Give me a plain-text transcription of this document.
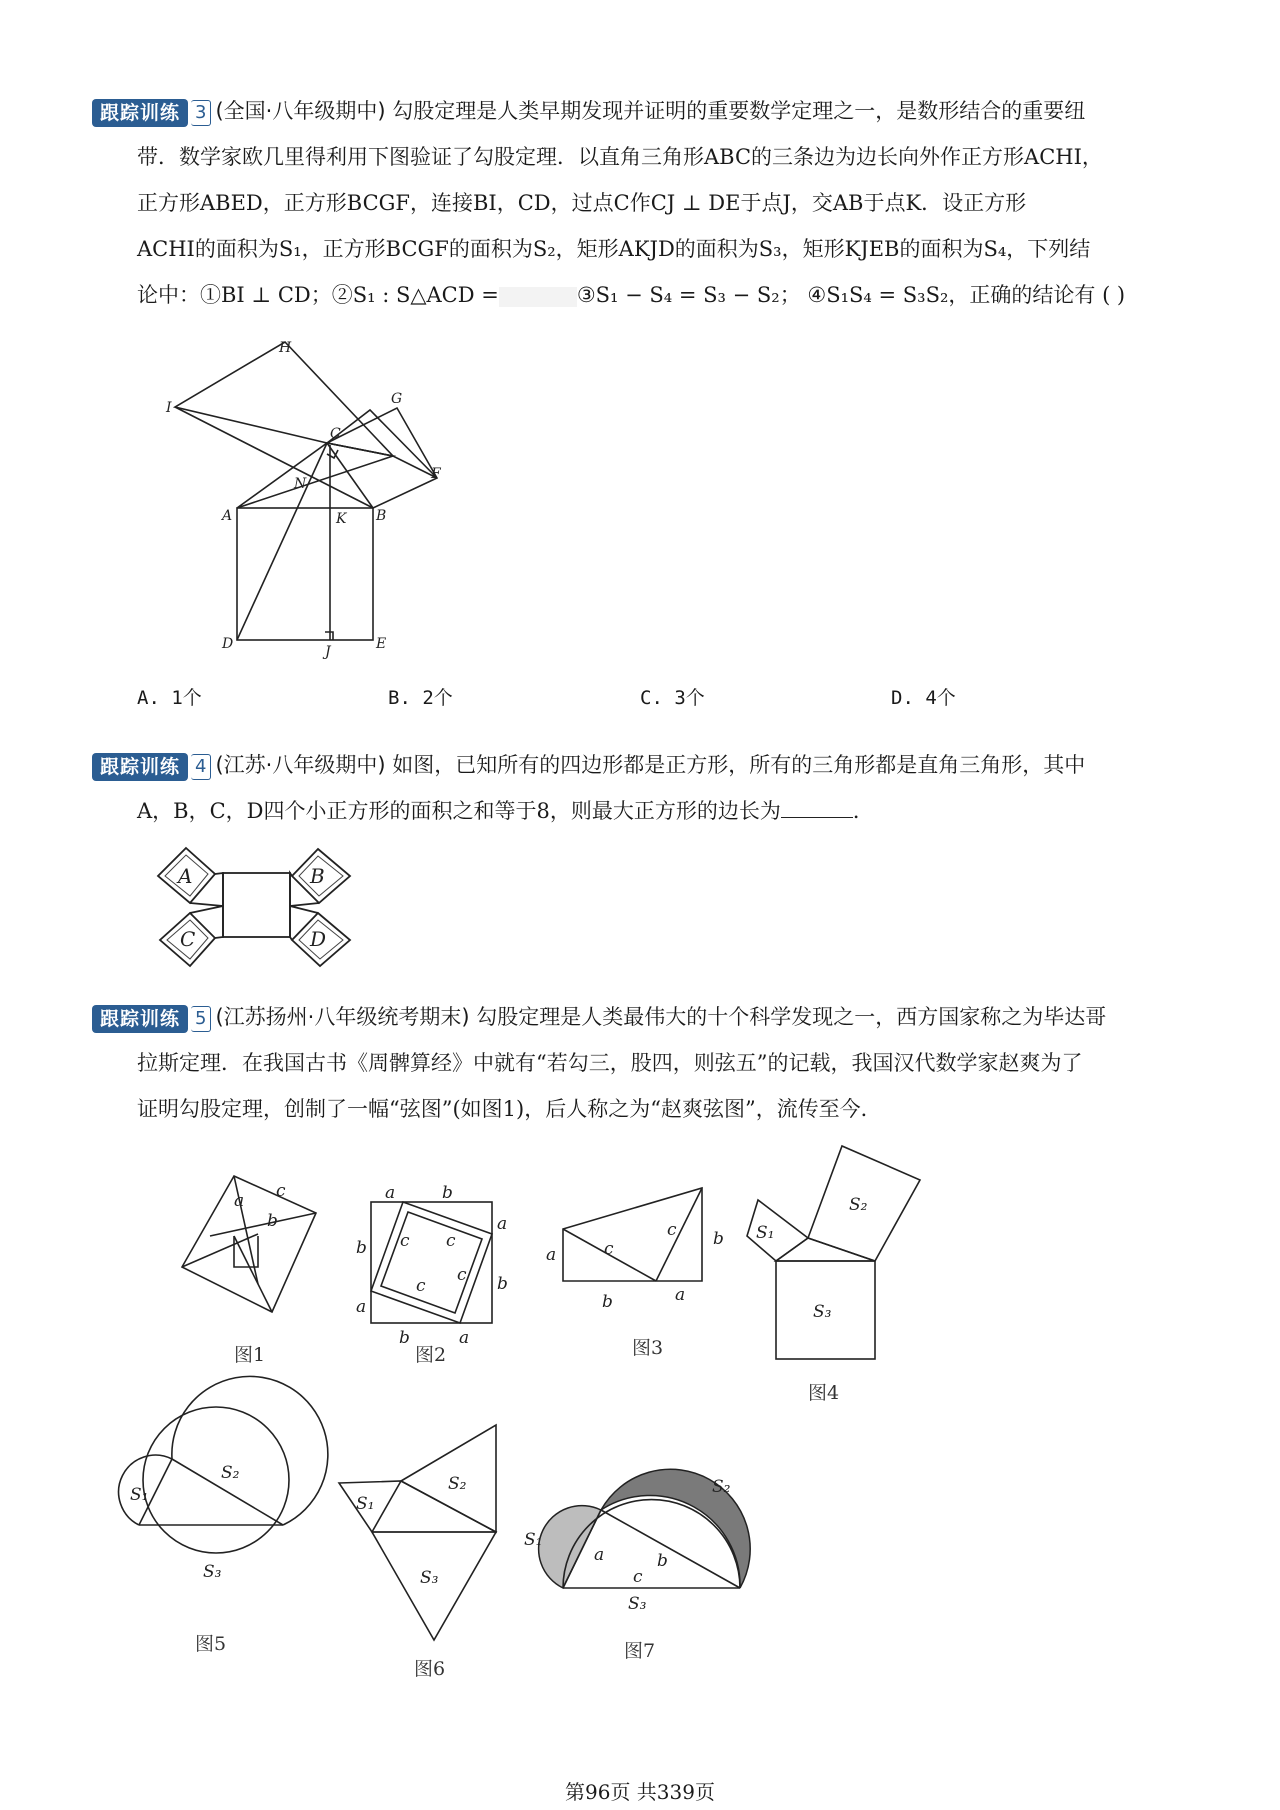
跟踪训练 3 (全国·八年级期中) 勾股定理是人类早期发现并证明的重要数学定理之一，是数形结合的重要纽
带．数学家欧几里得利用下图验证了勾股定理．以直角三角形ABC的三条边为边长向外作正方形ACHI，
正方形ABED，正方形BCGF，连接BI，CD，过点C作CJ ⊥ DE于点J，交AB于点K．设正方形
ACHI的面积为S₁，正方形BCGF的面积为S₂，矩形AKJD的面积为S₃，矩形KJEB的面积为S₄，下列结
论中：①BI ⊥ CD；②S₁ : S△ACD =	③S₁ − S₄ = S₃ − S₂； ④S₁S₄ = S₃S₂，正确的结论有 ( )
H
I
G
C
F
N
A	K B
D	J	E
A. 1个	B. 2个	C. 3个	D. 4个
跟踪训练 4 (江苏·八年级期中) 如图，已知所有的四边形都是正方形，所有的三角形都是直角三角形，其中
A，B，C，D四个小正方形的面积之和等于8，则最大正方形的边长为	．
A	B
C	D
跟踪训练 5 (江苏扬州·八年级统考期末) 勾股定理是人类最伟大的十个科学发现之一，西方国家称之为毕达哥
拉斯定理．在我国古书《周髀算经》中就有“若勾三，股四，则弦五”的记载，我国汉代数学家赵爽为了
证明勾股定理，创制了一幅“弦图”(如图1)，后人称之为“赵爽弦图”，流传至今．
a
b
c
图1
a	b
b
a
a
b
b	a
c c
c
c
图2
a
b
c
c
a
b
图3
S₂
S₁
S₃
图4
S₁
S₂
S₃
图5
S₁
S₂
S₃
图6
S₁
S₂
a	b
c
S₃
图7
第96页 共339页
